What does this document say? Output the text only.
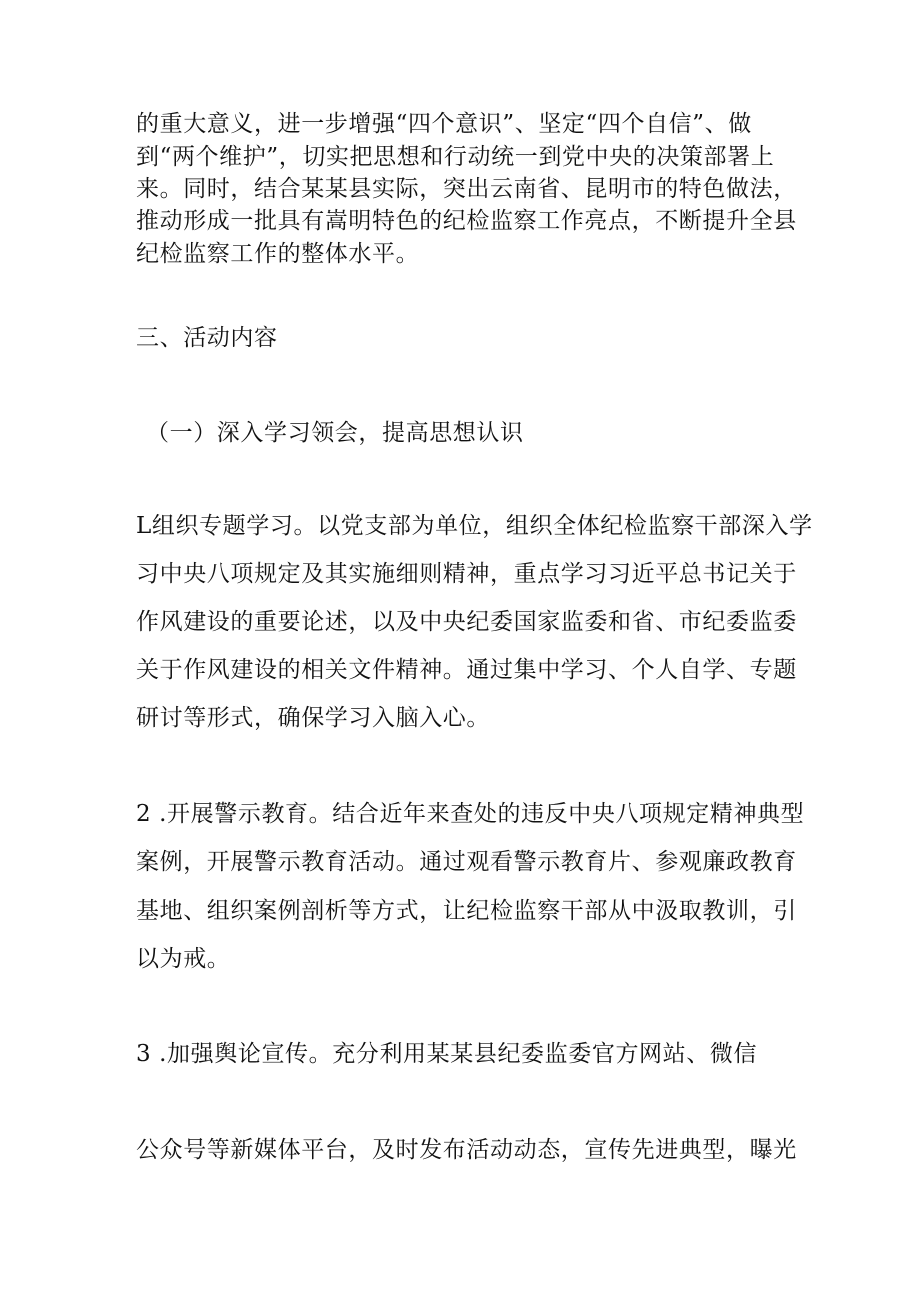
的重大意义，进一步增强“四个意识”、坚定“四个自信”、做
到“两个维护”，切实把思想和行动统一到党中央的决策部署上
来。同时，结合某某县实际，突出云南省、昆明市的特色做法，
推动形成一批具有嵩明特色的纪检监察工作亮点，不断提升全县
纪检监察工作的整体水平。
三、活动内容
（一）深入学习领会，提高思想认识
L组织专题学习。以党支部为单位，组织全体纪检监察干部深入学
习中央八项规定及其实施细则精神，重点学习习近平总书记关于
作风建设的重要论述，以及中央纪委国家监委和省、市纪委监委
关于作风建设的相关文件精神。通过集中学习、个人自学、专题
研讨等形式，确保学习入脑入心。
2 .开展警示教育。结合近年来查处的违反中央八项规定精神典型
案例，开展警示教育活动。通过观看警示教育片、参观廉政教育
基地、组织案例剖析等方式，让纪检监察干部从中汲取教训，引
以为戒。
3 .加强舆论宣传。充分利用某某县纪委监委官方网站、微信
公众号等新媒体平台，及时发布活动动态，宣传先进典型，曝光
